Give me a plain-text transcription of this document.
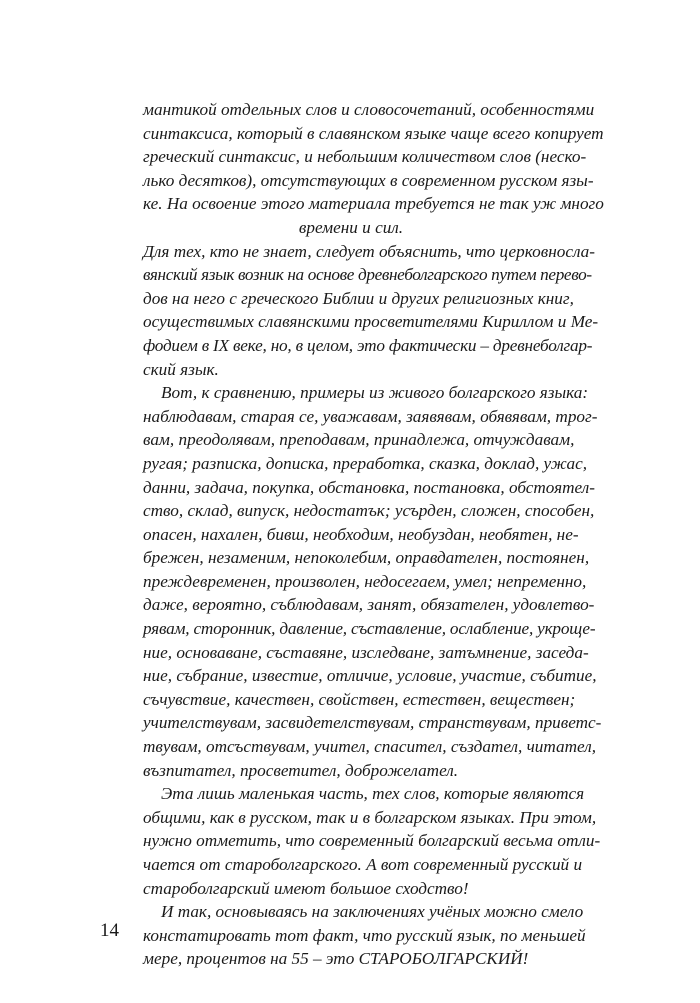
мантикой отдельных слов и словосочетаний, особенностями
синтаксиса, который в славянском языке чаще всего копирует
греческий синтаксис, и небольшим количеством слов (неско-
лько десятков), отсутствующих в современном русском язы-
ке. На освоение этого материала требуется не так уж много
времени и сил.
Для тех, кто не знает, следует объяснить, что церковносла-
вянский язык возник на основе древнеболгарского путем перево-
дов на него с греческого Библии и других религиозных книг,
осуществимых славянскими просветителями Кириллом и Ме-
фодием в IX веке, но, в целом, это фактически – древнеболгар-
ский язык.
Вот, к сравнению, примеры из живого болгарского языка:
наблюдавам, старая се, уважавам, заявявам, обявявам, трог-
вам, преодолявам, преподавам, принадлежа, отчуждавам,
ругая; разписка, дописка, преработка, сказка, доклад, ужас,
данни, задача, покупка, обстановка, постановка, обстоятел-
ство, склад, випуск, недостатък; усърден, сложен, способен,
опасен, нахален, бивш, необходим, необуздан, необятен, не-
брежен, незаменим, непоколебим, оправдателен, постоянен,
преждевременен, произволен, недосегаем, умел; непременно,
даже, вероятно, съблюдавам, занят, обязателен, удовлетво-
рявам, сторонник, давление, съставление, ослабление, укроще-
ние, основаване, съставяне, изследване, затъмнение, заседа-
ние, събрание, известие, отличие, условие, участие, събитие,
съчувствие, качествен, свойствен, естествен, веществен;
учителствувам, засвидетелствувам, странствувам, приветс-
твувам, отсъствувам, учител, спасител, създател, читател,
възпитател, просветител, доброжелател.
Эта лишь маленькая часть, тех слов, которые являются
общими, как в русском, так и в болгарском языках. При этом,
нужно отметить, что современный болгарский весьма отли-
чается от староболгарского. А вот современный русский и
староболгарский имеют большое сходство!
И так, основываясь на заключениях учёных можно смело
констатировать тот факт, что русский язык, по меньшей
мере, процентов на 55 – это СТАРОБОЛГАРСКИЙ!
14
